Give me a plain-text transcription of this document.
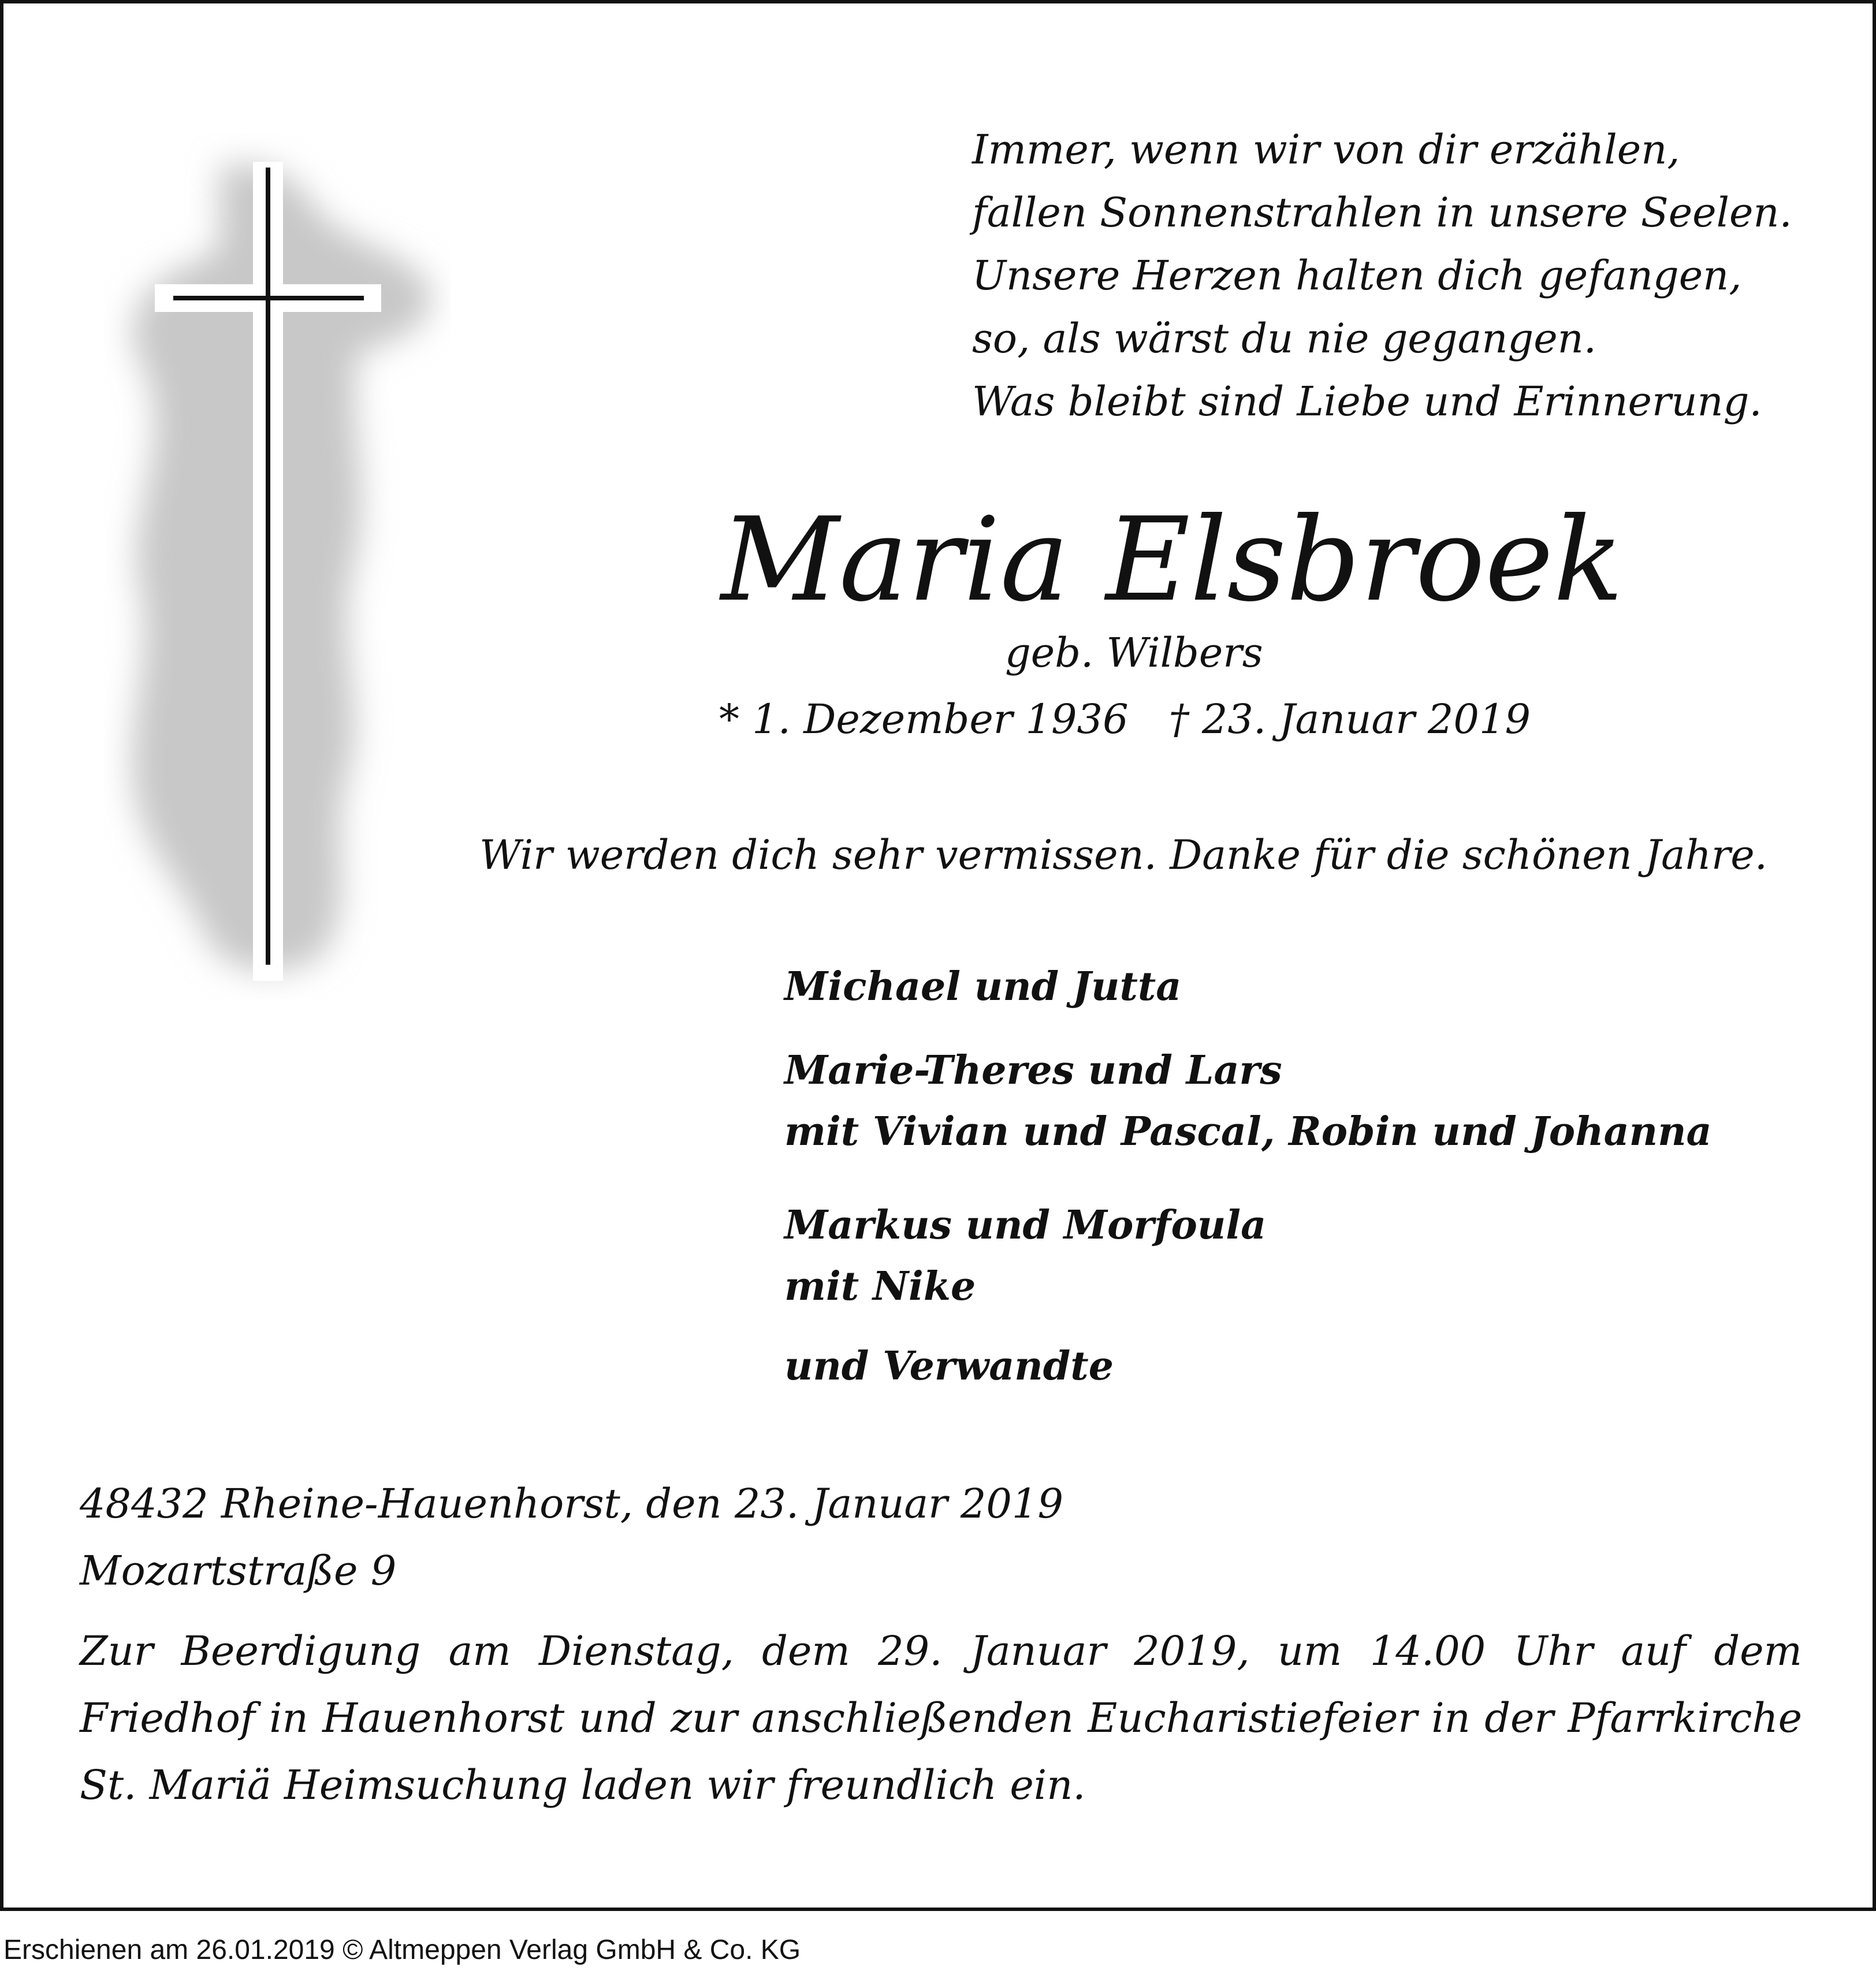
Immer, wenn wir von dir erzählen,
fallen Sonnenstrahlen in unsere Seelen.
Unsere Herzen halten dich gefangen,
so, als wärst du nie gegangen.
Was bleibt sind Liebe und Erinnerung.
Maria Elsbroek
geb. Wilbers
* 1. Dezember 1936 † 23. Januar 2019
Wir werden dich sehr vermissen. Danke für die schönen Jahre.
Michael und Jutta
Marie-Theres und Lars
mit Vivian und Pascal, Robin und Johanna
Markus und Morfoula
mit Nike
und Verwandte
48432 Rheine-Hauenhorst, den 23. Januar 2019
Mozartstraße 9
Zur Beerdigung am Dienstag, dem 29. Januar 2019, um 14.00 Uhr auf dem
Friedhof in Hauenhorst und zur anschließenden Eucharistiefeier in der Pfarrkirche
St. Mariä Heimsuchung laden wir freundlich ein.
Erschienen am 26.01.2019 © Altmeppen Verlag GmbH & Co. KG
